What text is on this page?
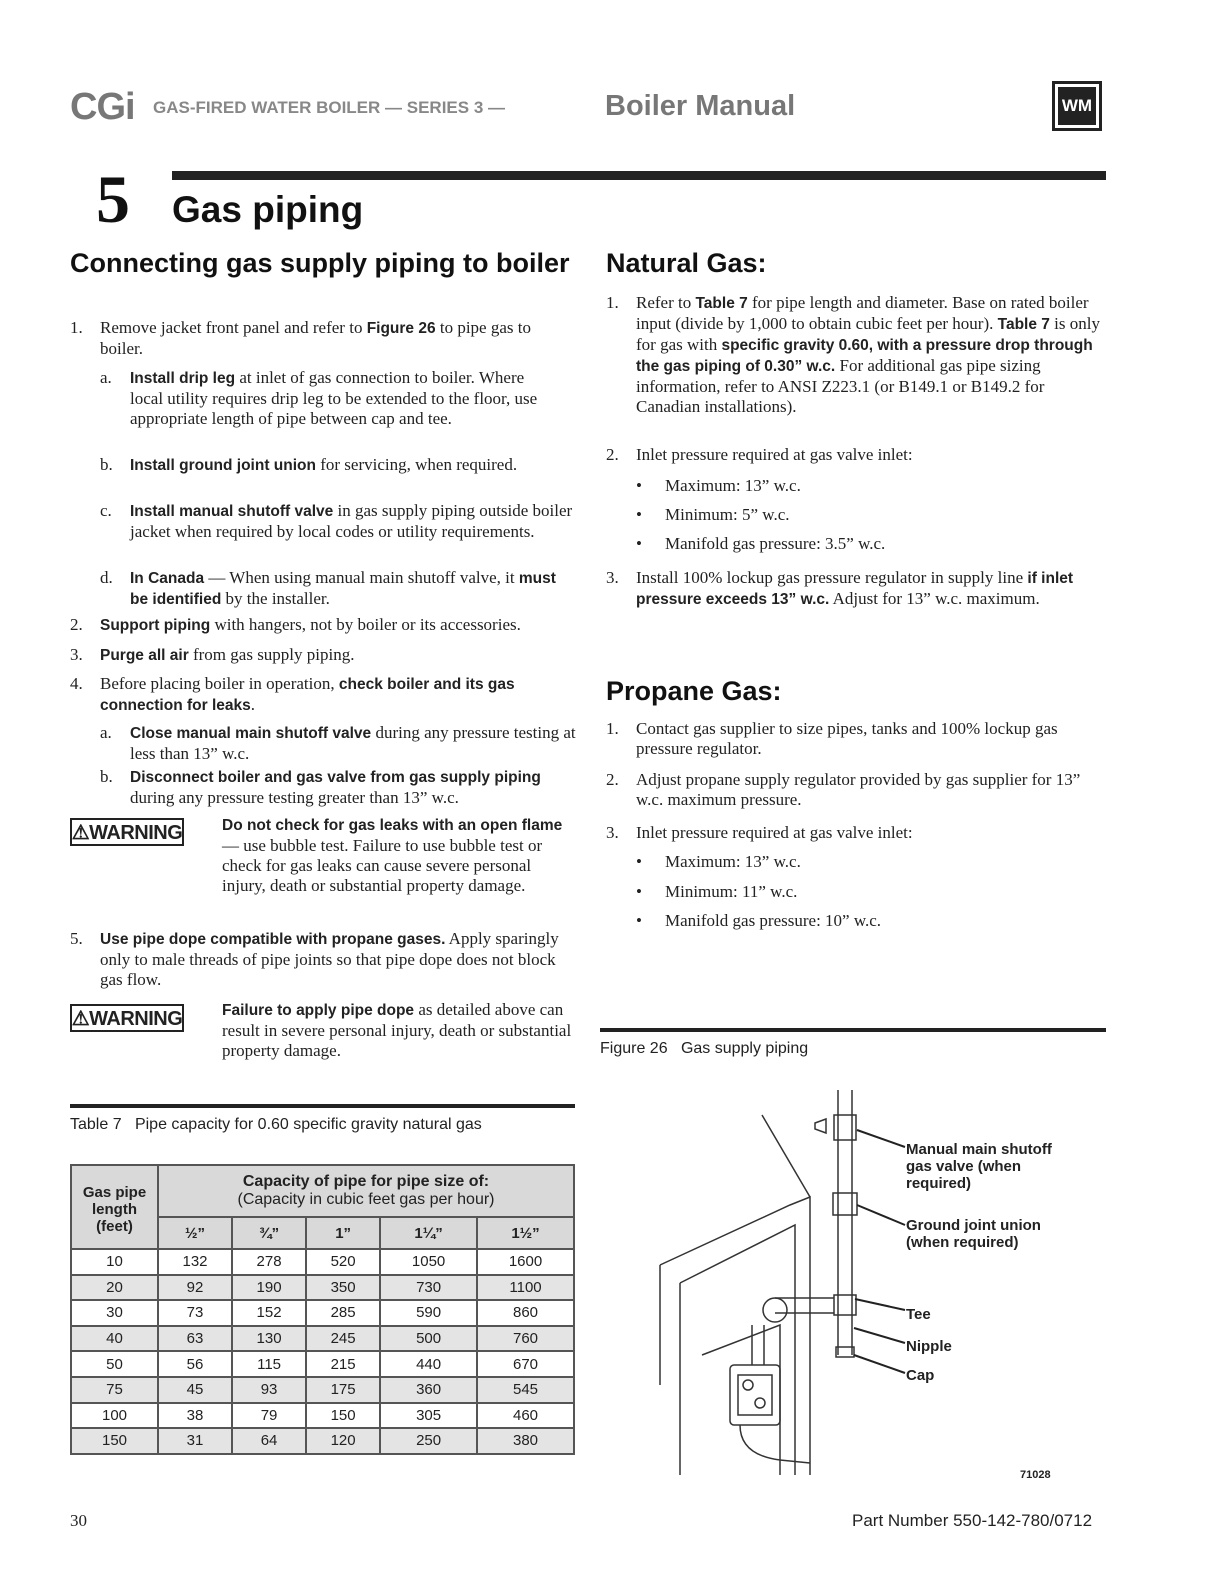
CGi GAS-FIRED WATER BOILER — SERIES 3 —	Boiler Manual	WM
5 Gas piping
Connecting gas supply piping to boiler
1. Remove jacket front panel and refer to Figure 26 to pipe gas to boiler.
a. Install drip leg at inlet of gas connection to boiler. Where local utility requires drip leg to be extended to the floor, use appropriate length of pipe between cap and tee.
b. Install ground joint union for servicing, when required.
c. Install manual shutoff valve in gas supply piping outside boiler jacket when required by local codes or utility requirements.
d. In Canada — When using manual main shutoff valve, it must be identified by the installer.
2. Support piping with hangers, not by boiler or its accessories.
3. Purge all air from gas supply piping.
4. Before placing boiler in operation, check boiler and its gas connection for leaks.
a. Close manual main shutoff valve during any pressure testing at less than 13” w.c.
b. Disconnect boiler and gas valve from gas supply piping during any pressure testing greater than 13” w.c.
⚠WARNING	Do not check for gas leaks with an open flame — use bubble test. Failure to use bubble test or check for gas leaks can cause severe personal injury, death or substantial property damage.
5. Use pipe dope compatible with propane gases. Apply sparingly only to male threads of pipe joints so that pipe dope does not block gas flow.
⚠WARNING	Failure to apply pipe dope as detailed above can result in severe personal injury, death or substantial property damage.
Natural Gas:
1. Refer to Table 7 for pipe length and diameter. Base on rated boiler input (divide by 1,000 to obtain cubic feet per hour). Table 7 is only for gas with specific gravity 0.60, with a pressure drop through the gas piping of 0.30” w.c. For additional gas pipe sizing information, refer to ANSI Z223.1 (or B149.1 or B149.2 for Canadian installations).
2. Inlet pressure required at gas valve inlet:
• Maximum: 13” w.c.
• Minimum: 5” w.c.
• Manifold gas pressure: 3.5” w.c.
3. Install 100% lockup gas pressure regulator in supply line if inlet pressure exceeds 13” w.c. Adjust for 13” w.c. maximum.
Propane Gas:
1. Contact gas supplier to size pipes, tanks and 100% lockup gas pressure regulator.
2. Adjust propane supply regulator provided by gas supplier for 13” w.c. maximum pressure.
3. Inlet pressure required at gas valve inlet:
• Maximum: 13” w.c.
• Minimum: 11” w.c.
• Manifold gas pressure: 10” w.c.
Figure 26 Gas supply piping
Manual main shutoff gas valve (when required)
Ground joint union (when required)
Tee
Nipple
Cap
71028
Table 7 Pipe capacity for 0.60 specific gravity natural gas
Gas pipe length (feet)	Capacity of pipe for pipe size of:
(Capacity in cubic feet gas per hour)				

	½”	¾”	1”	1¼”	1½”
10	132	278	520	1050	1600
20	92	190	350	730	1100
30	73	152	285	590	860
40	63	130	245	500	760
50	56	115	215	440	670
75	45	93	175	360	545
100	38	79	150	305	460
150	31	64	120	250	380
30	Part Number 550-142-780/0712
